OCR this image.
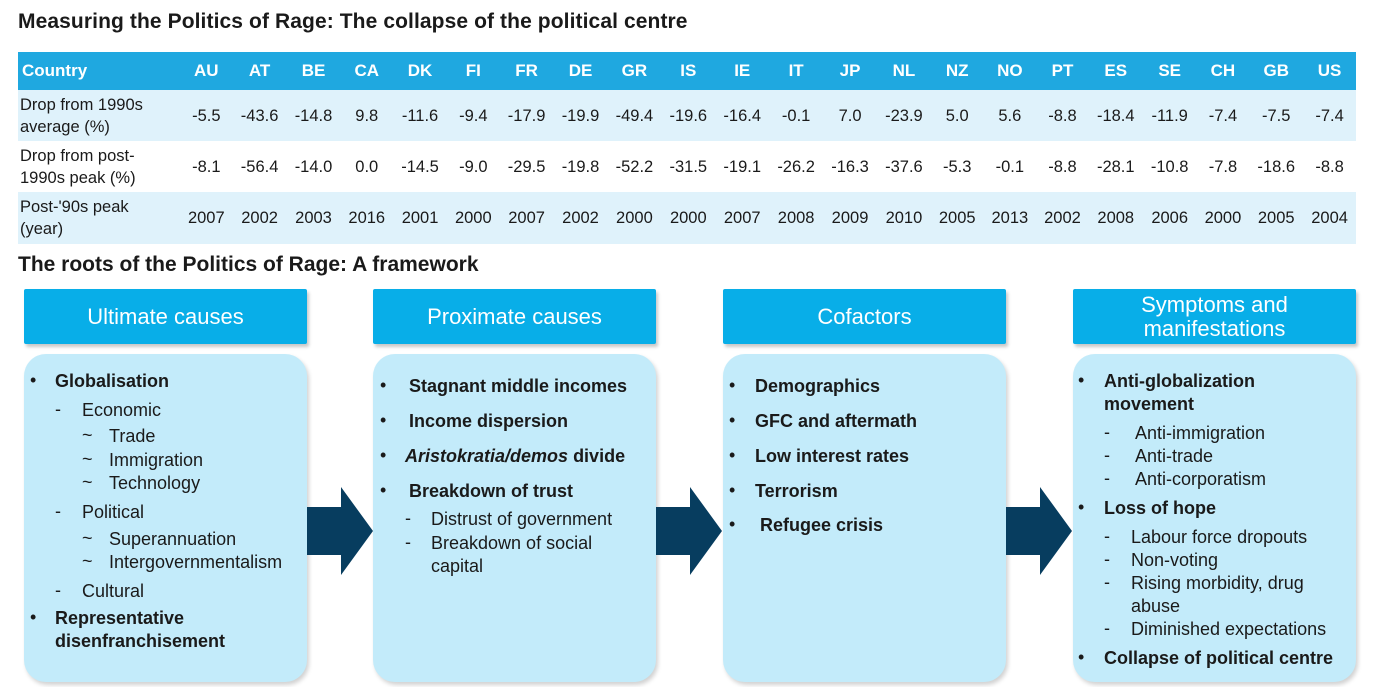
Measuring the Politics of Rage: The collapse of the political centre
Country	AU	AT	BE	CA	DK	FI	FR	DE	GR	IS	IE	IT	JP	NL	NZ	NO	PT	ES	SE	CH	GB	US
Drop from 1990s
average (%)	-5.5	-43.6	-14.8	9.8	-11.6	-9.4	-17.9	-19.9	-49.4	-19.6	-16.4	-0.1	7.0	-23.9	5.0	5.6	-8.8	-18.4	-11.9	-7.4	-7.5	-7.4
Drop from post-
1990s peak (%)	-8.1	-56.4	-14.0	0.0	-14.5	-9.0	-29.5	-19.8	-52.2	-31.5	-19.1	-26.2	-16.3	-37.6	-5.3	-0.1	-8.8	-28.1	-10.8	-7.8	-18.6	-8.8
Post-'90s peak
(year)	2007	2002	2003	2016	2001	2000	2007	2002	2000	2000	2007	2008	2009	2010	2005	2013	2002	2008	2006	2000	2005	2004
The roots of the Politics of Rage: A framework
Ultimate causes	Proximate causes	Cofactors	Symptoms and
manifestations
• Globalisation
- Economic
~ Trade
~ Immigration
~ Technology
- Political
~ Superannuation
~ Intergovernmentalism
- Cultural
• Representative
disenfranchisement
• Stagnant middle incomes
• Income dispersion
• Aristokratia/demos divide
• Breakdown of trust
- Distrust of government
- Breakdown of social
capital
• Demographics
• GFC and aftermath
• Low interest rates
• Terrorism
• Refugee crisis
• Anti-globalization
movement
- Anti-immigration
- Anti-trade
- Anti-corporatism
• Loss of hope
- Labour force dropouts
- Non-voting
- Rising morbidity, drug
abuse
- Diminished expectations
• Collapse of political centre
